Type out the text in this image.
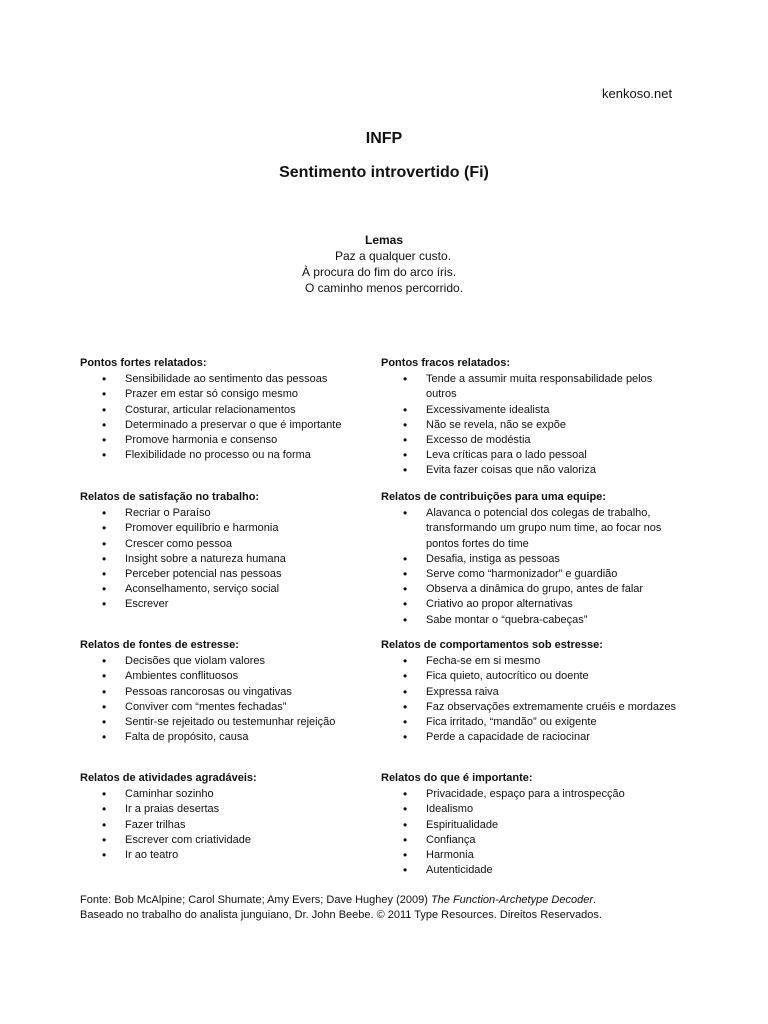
kenkoso.net
INFP
Sentimento introvertido (Fi)
Lemas
Paz a qualquer custo.
À procura do fim do arco íris.
O caminho menos percorrido.
Pontos fortes relatados:
• Sensibilidade ao sentimento das pessoas
• Prazer em estar só consigo mesmo
• Costurar, articular relacionamentos
• Determinado a preservar o que é importante
• Promove harmonia e consenso
• Flexibilidade no processo ou na forma
Pontos fracos relatados:
• Tende a assumir muita responsabilidade pelos outros
• Excessivamente idealista
• Não se revela, não se expõe
• Excesso de modéstia
• Leva críticas para o lado pessoal
• Evita fazer coisas que não valoriza
Relatos de satisfação no trabalho:
• Recriar o Paraíso
• Promover equilíbrio e harmonia
• Crescer como pessoa
• Insight sobre a natureza humana
• Perceber potencial nas pessoas
• Aconselhamento, serviço social
• Escrever
Relatos de contribuições para uma equipe:
• Alavanca o potencial dos colegas de trabalho, transformando um grupo num time, ao focar nos pontos fortes do time
• Desafia, instiga as pessoas
• Serve como “harmonizador” e guardião
• Observa a dinâmica do grupo, antes de falar
• Criativo ao propor alternativas
• Sabe montar o “quebra-cabeças”
Relatos de fontes de estresse:
• Decisões que violam valores
• Ambientes conflituosos
• Pessoas rancorosas ou vingativas
• Conviver com “mentes fechadas”
• Sentir-se rejeitado ou testemunhar rejeição
• Falta de propósito, causa
Relatos de comportamentos sob estresse:
• Fecha-se em si mesmo
• Fica quieto, autocrítico ou doente
• Expressa raiva
• Faz observações extremamente cruéis e mordazes
• Fica irritado, “mandão” ou exigente
• Perde a capacidade de raciocinar
Relatos de atividades agradáveis:
• Caminhar sozinho
• Ir a praias desertas
• Fazer trilhas
• Escrever com criatividade
• Ir ao teatro
Relatos do que é importante:
• Privacidade, espaço para a introspecção
• Idealismo
• Espiritualidade
• Confiança
• Harmonia
• Autenticidade
Fonte: Bob McAlpine; Carol Shumate; Amy Evers; Dave Hughey (2009) The Function-Archetype Decoder.
Baseado no trabalho do analista junguiano, Dr. John Beebe. © 2011 Type Resources. Direitos Reservados.
